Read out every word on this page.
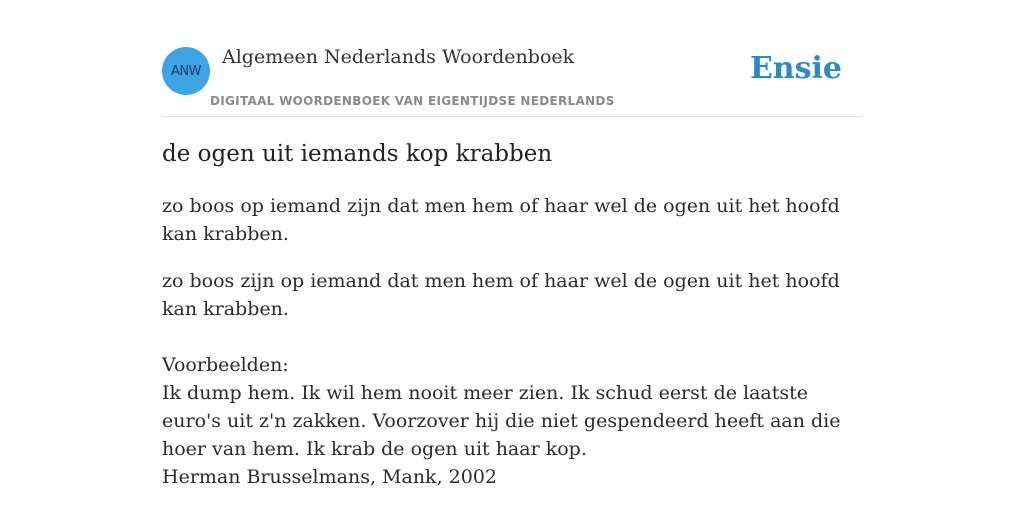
ANW
Algemeen Nederlands Woordenboek
DIGITAAL WOORDENBOEK VAN EIGENTIJDSE NEDERLANDS
Ensie
de ogen uit iemands kop krabben

zo boos op iemand zijn dat men hem of haar wel de ogen uit het hoofd kan krabben.

zo boos zijn op iemand dat men hem of haar wel de ogen uit het hoofd kan krabben.

Voorbeelden:
Ik dump hem. Ik wil hem nooit meer zien. Ik schud eerst de laatste euro's uit z'n zakken. Voorzover hij die niet gespendeerd heeft aan die hoer van hem. Ik krab de ogen uit haar kop.
Herman Brusselmans, Mank, 2002
